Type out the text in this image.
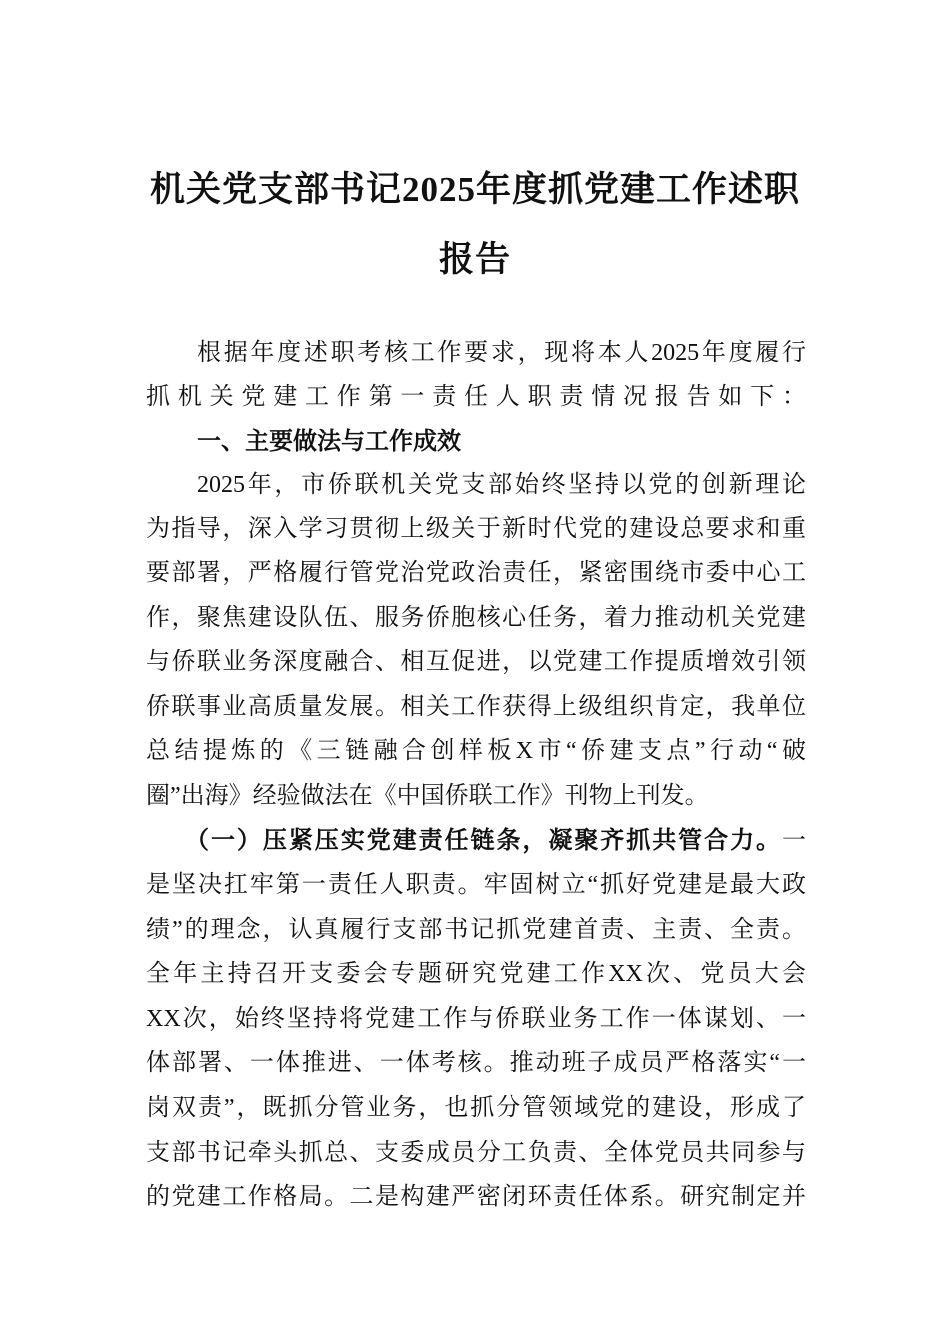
机关党支部书记2025年度抓党建工作述职
报告
根据年度述职考核工作要求，现将本人2025年度履行
抓机关党建工作第一责任人职责情况报告如下：
一、主要做法与工作成效
2025年，市侨联机关党支部始终坚持以党的创新理论
为指导，深入学习贯彻上级关于新时代党的建设总要求和重
要部署，严格履行管党治党政治责任，紧密围绕市委中心工
作，聚焦建设队伍、服务侨胞核心任务，着力推动机关党建
与侨联业务深度融合、相互促进，以党建工作提质增效引领
侨联事业高质量发展。相关工作获得上级组织肯定，我单位
总结提炼的《三链融合创样板X市“侨建支点”行动“破
圈”出海》经验做法在《中国侨联工作》刊物上刊发。
（一）压紧压实党建责任链条，凝聚齐抓共管合力。一
是坚决扛牢第一责任人职责。牢固树立“抓好党建是最大政
绩”的理念，认真履行支部书记抓党建首责、主责、全责。
全年主持召开支委会专题研究党建工作XX次、党员大会
XX次，始终坚持将党建工作与侨联业务工作一体谋划、一
体部署、一体推进、一体考核。推动班子成员严格落实“一
岗双责”，既抓分管业务，也抓分管领域党的建设，形成了
支部书记牵头抓总、支委成员分工负责、全体党员共同参与
的党建工作格局。二是构建严密闭环责任体系。研究制定并
